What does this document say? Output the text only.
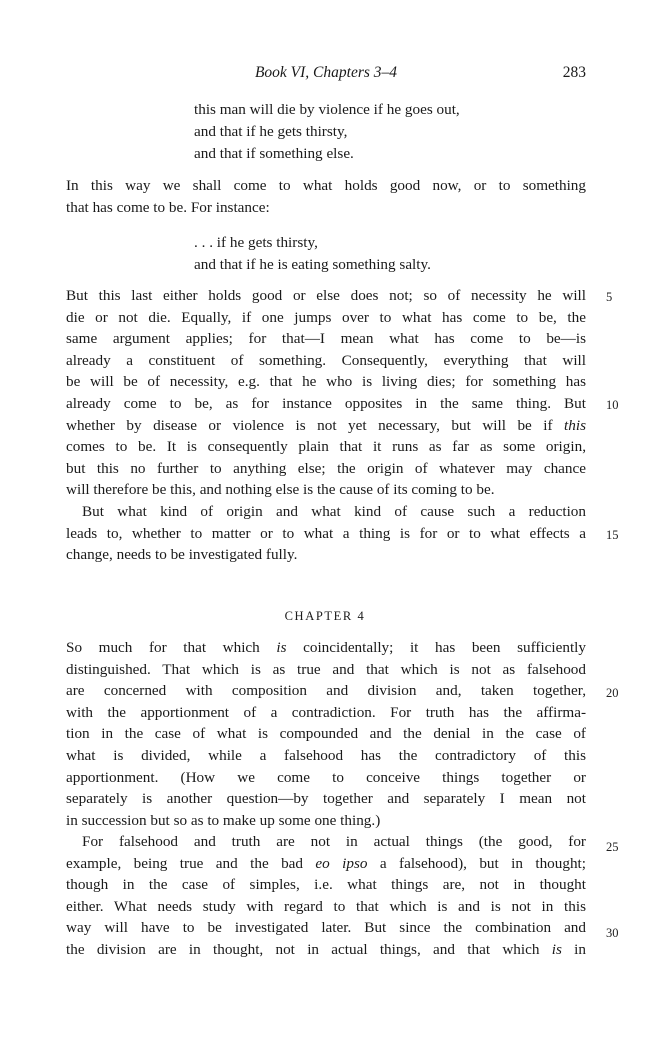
Book VI, Chapters 3–4	283
this man will die by violence if he goes out,
and that if he gets thirsty,
and that if something else.
In this way we shall come to what holds good now, or to something
that has come to be. For instance:
. . . if he gets thirsty,
and that if he is eating something salty.
But this last either holds good or else does not; so of necessity he will
die or not die. Equally, if one jumps over to what has come to be, the
same argument applies; for that—I mean what has come to be—is
already a constituent of something. Consequently, everything that will
be will be of necessity, e.g. that he who is living dies; for something has
already come to be, as for instance opposites in the same thing. But
whether by disease or violence is not yet necessary, but will be if this
comes to be. It is consequently plain that it runs as far as some origin,
but this no further to anything else; the origin of whatever may chance
will therefore be this, and nothing else is the cause of its coming to be.
But what kind of origin and what kind of cause such a reduction
leads to, whether to matter or to what a thing is for or to what effects a
change, needs to be investigated fully.
CHAPTER 4
So much for that which is coincidentally; it has been sufficiently
distinguished. That which is as true and that which is not as falsehood
are concerned with composition and division and, taken together,
with the apportionment of a contradiction. For truth has the affirma-
tion in the case of what is compounded and the denial in the case of
what is divided, while a falsehood has the contradictory of this
apportionment. (How we come to conceive things together or
separately is another question—by together and separately I mean not
in succession but so as to make up some one thing.)
For falsehood and truth are not in actual things (the good, for
example, being true and the bad eo ipso a falsehood), but in thought;
though in the case of simples, i.e. what things are, not in thought
either. What needs study with regard to that which is and is not in this
way will have to be investigated later. But since the combination and
the division are in thought, not in actual things, and that which is in
5
10
15
20
25
30
